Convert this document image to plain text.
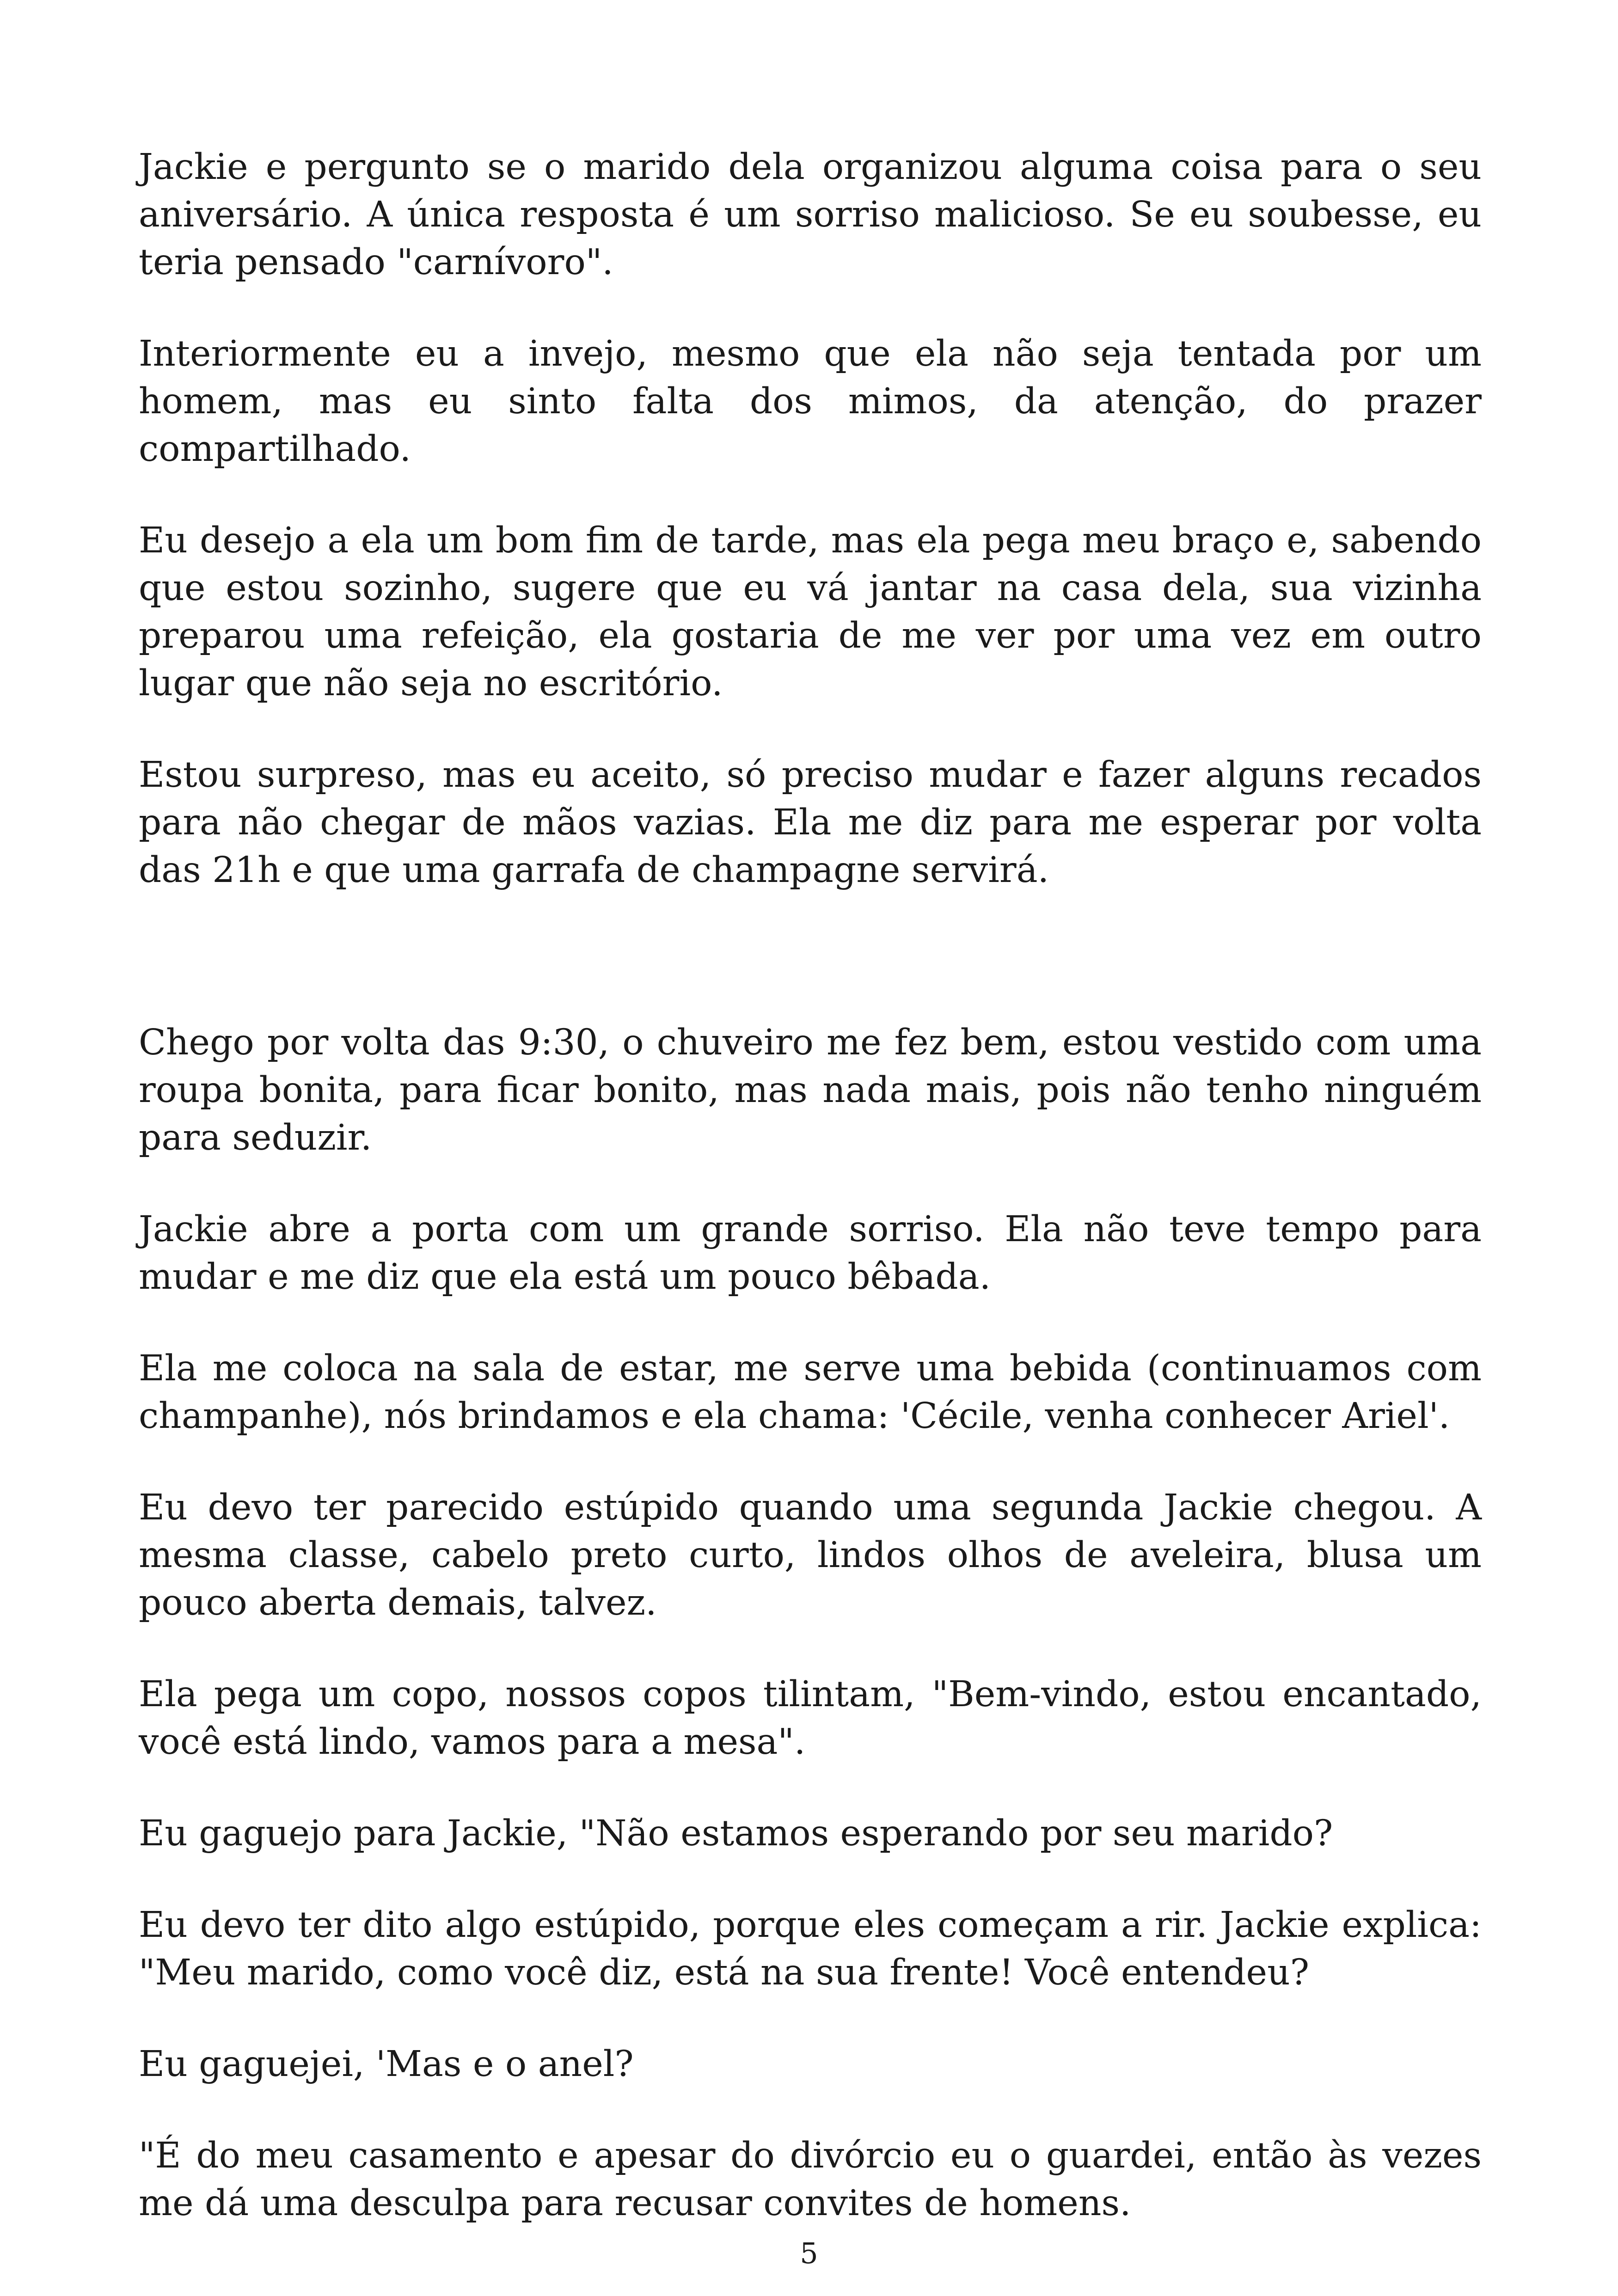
Jackie e pergunto se o marido dela organizou alguma coisa para o seu aniversário. A única resposta é um sorriso malicioso. Se eu soubesse, eu teria pensado "carnívoro".

Interiormente eu a invejo, mesmo que ela não seja tentada por um homem, mas eu sinto falta dos mimos, da atenção, do prazer compartilhado.

Eu desejo a ela um bom fim de tarde, mas ela pega meu braço e, sabendo que estou sozinho, sugere que eu vá jantar na casa dela, sua vizinha preparou uma refeição, ela gostaria de me ver por uma vez em outro lugar que não seja no escritório.

Estou surpreso, mas eu aceito, só preciso mudar e fazer alguns recados para não chegar de mãos vazias. Ela me diz para me esperar por volta das 21h e que uma garrafa de champagne servirá.

Chego por volta das 9:30, o chuveiro me fez bem, estou vestido com uma roupa bonita, para ficar bonito, mas nada mais, pois não tenho ninguém para seduzir.

Jackie abre a porta com um grande sorriso. Ela não teve tempo para mudar e me diz que ela está um pouco bêbada.

Ela me coloca na sala de estar, me serve uma bebida (continuamos com champanhe), nós brindamos e ela chama: 'Cécile, venha conhecer Ariel'.

Eu devo ter parecido estúpido quando uma segunda Jackie chegou. A mesma classe, cabelo preto curto, lindos olhos de aveleira, blusa um pouco aberta demais, talvez.

Ela pega um copo, nossos copos tilintam, "Bem-vindo, estou encantado, você está lindo, vamos para a mesa".

Eu gaguejo para Jackie, "Não estamos esperando por seu marido?

Eu devo ter dito algo estúpido, porque eles começam a rir. Jackie explica: "Meu marido, como você diz, está na sua frente! Você entendeu?

Eu gaguejei, 'Mas e o anel?

"É do meu casamento e apesar do divórcio eu o guardei, então às vezes me dá uma desculpa para recusar convites de homens.

5
